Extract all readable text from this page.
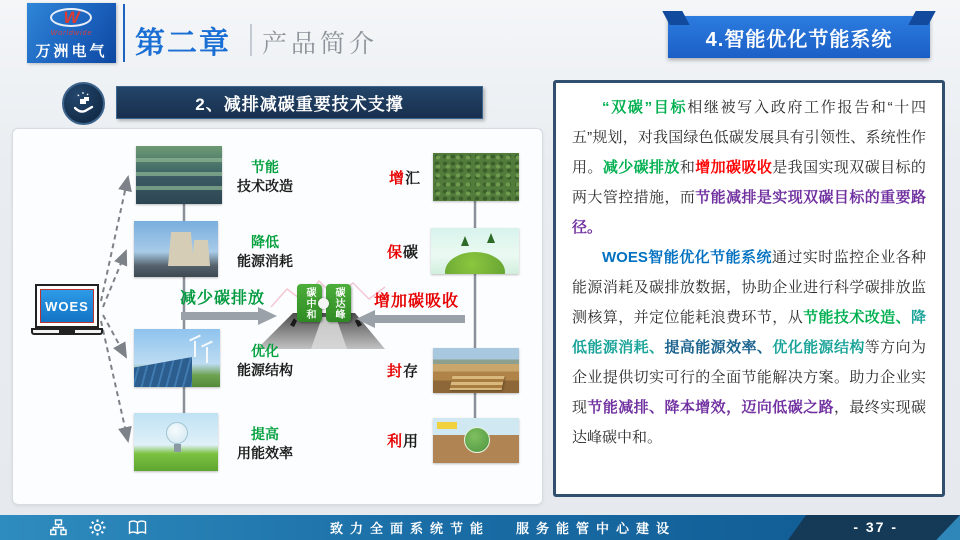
W
Worldwide
万洲电气 第二章 产品简介	4.智能优化节能系统
2、减排减碳重要技术支撑
WOES
节能
技术改造
降低
能源消耗
优化
能源结构
提高
用能效率
减少碳排放	增加碳吸收
碳中和 碳达峰
增汇
保碳
封存
利用

“双碳”目标相继被写入政府工作报告和“十四五”规划，对我国绿色低碳发展具有引领性、系统性作用。减少碳排放和增加碳吸收是我国实现双碳目标的两大管控措施，而节能减排是实现双碳目标的重要路径。

WOES智能优化节能系统通过实时监控企业各种能源消耗及碳排放数据，协助企业进行科学碳排放监测核算，并定位能耗浪费环节，从节能技术改造、降低能源消耗、提高能源效率、优化能源结构等方向为企业提供切实可行的全面节能解决方案。助力企业实现节能减排、降本增效，迈向低碳之路，最终实现碳达峰碳中和。

致力全面系统节能 服务能管中心建设	- 37 -
